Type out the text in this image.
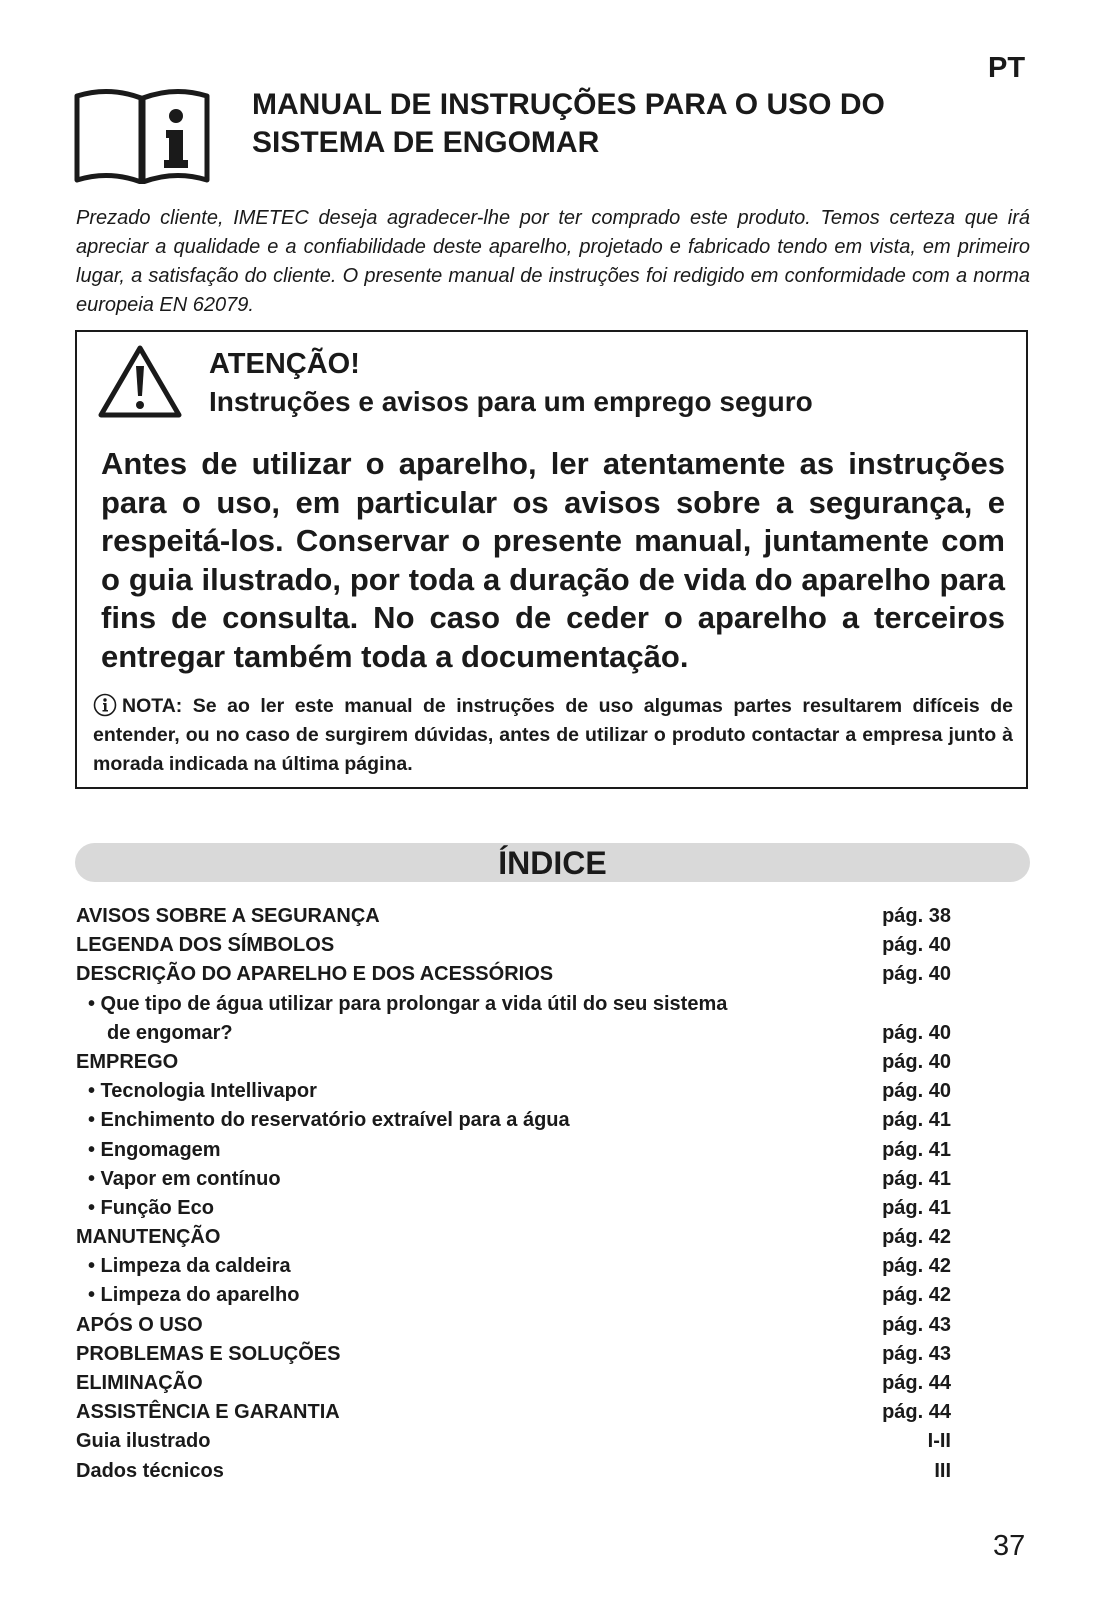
PT
MANUAL DE INSTRUÇÕES PARA O USO DO SISTEMA DE ENGOMAR
Prezado cliente, IMETEC deseja agradecer-lhe por ter comprado este produto. Temos certeza que irá apreciar a qualidade e a confiabilidade deste aparelho, projetado e fabricado tendo em vista, em primeiro lugar, a satisfação do cliente. O presente manual de instruções foi redigido em conformidade com a norma europeia EN 62079.
ATENÇÃO!
Instruções e avisos para um emprego seguro
Antes de utilizar o aparelho, ler atentamente as instruções para o uso, em particular os avisos sobre a segurança, e respeitá-los. Conservar o presente manual, juntamente com o guia ilustrado, por toda a duração de vida do aparelho para fins de consulta. No caso de ceder o aparelho a terceiros entregar também toda a documentação.
NOTA: Se ao ler este manual de instruções de uso algumas partes resultarem difíceis de entender, ou no caso de surgirem dúvidas, antes de utilizar o produto contactar a empresa junto à morada indicada na última página.
ÍNDICE
AVISOS SOBRE A SEGURANÇA	pág. 38
LEGENDA DOS SÍMBOLOS	pág. 40
DESCRIÇÃO DO APARELHO E DOS ACESSÓRIOS	pág. 40
• Que tipo de água utilizar para prolongar a vida útil do seu sistema
de engomar?	pág. 40
EMPREGO	pág. 40
• Tecnologia Intellivapor	pág. 40
• Enchimento do reservatório extraível para a água	pág. 41
• Engomagem	pág. 41
• Vapor em contínuo	pág. 41
• Função Eco	pág. 41
MANUTENÇÃO	pág. 42
• Limpeza da caldeira	pág. 42
• Limpeza do aparelho	pág. 42
APÓS O USO	pág. 43
PROBLEMAS E SOLUÇÕES	pág. 43
ELIMINAÇÃO	pág. 44
ASSISTÊNCIA E GARANTIA	pág. 44
Guia ilustrado	I-II
Dados técnicos	III
37
